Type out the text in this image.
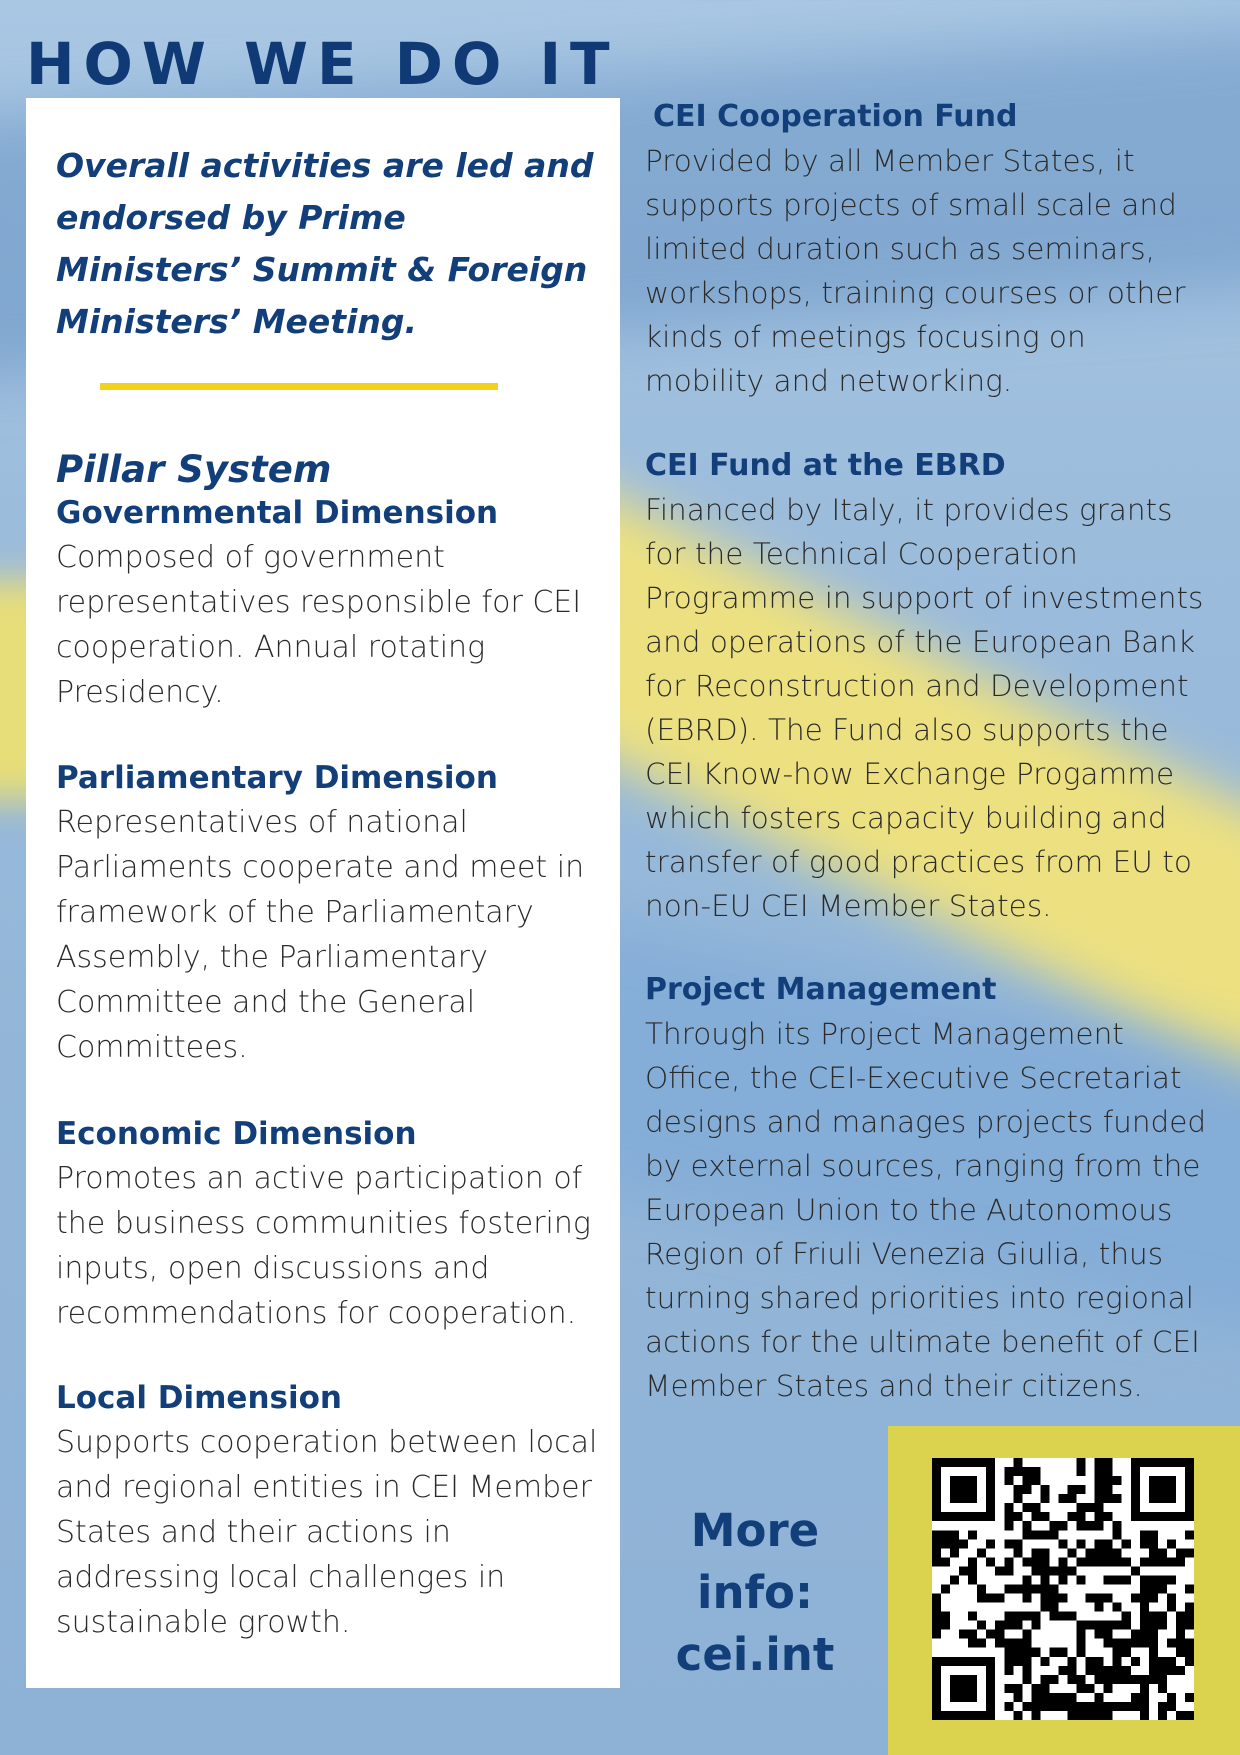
HOW WE DO IT

Overall activities are led and endorsed by Prime Ministers’ Summit & Foreign Ministers’ Meeting.

Pillar System
Governmental Dimension

Composed of government representatives responsible for CEI cooperation. Annual rotating Presidency.

Parliamentary Dimension

Representatives of national Parliaments cooperate and meet in framework of the Parliamentary Assembly, the Parliamentary Committee and the General Committees.

Economic Dimension

Promotes an active participation of the business communities fostering inputs, open discussions and recommendations for cooperation.

Local Dimension

Supports cooperation between local and regional entities in CEI Member States and their actions in addressing local challenges in sustainable growth.

CEI Cooperation Fund

Provided by all Member States, it supports projects of small scale and limited duration such as seminars, workshops, training courses or other kinds of meetings focusing on mobility and networking.

CEI Fund at the EBRD

Financed by Italy, it provides grants for the Technical Cooperation Programme in support of investments and operations of the European Bank for Reconstruction and Development (EBRD). The Fund also supports the CEI Know-how Exchange Progamme which fosters capacity building and transfer of good practices from EU to non-EU CEI Member States.

Project Management

Through its Project Management Office, the CEI-Executive Secretariat designs and manages projects funded by external sources, ranging from the European Union to the Autonomous Region of Friuli Venezia Giulia, thus turning shared priorities into regional actions for the ultimate benefit of CEI Member States and their citizens.

More info:

cei.int
